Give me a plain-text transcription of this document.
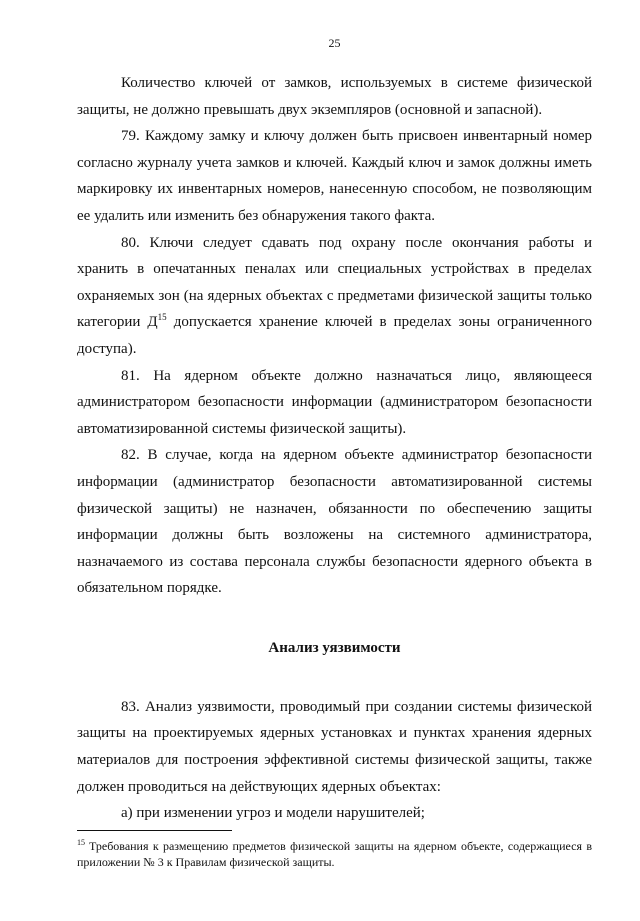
25

Количество ключей от замков, используемых в системе физической защиты, не должно превышать двух экземпляров (основной и запасной).

79. Каждому замку и ключу должен быть присвоен инвентарный номер согласно журналу учета замков и ключей. Каждый ключ и замок должны иметь маркировку их инвентарных номеров, нанесенную способом, не позволяющим ее удалить или изменить без обнаружения такого факта.

80. Ключи следует сдавать под охрану после окончания работы и хранить в опечатанных пеналах или специальных устройствах в пределах охраняемых зон (на ядерных объектах с предметами физической защиты только категории Д$^{15}$ допускается хранение ключей в пределах зоны ограниченного доступа).

81. На ядерном объекте должно назначаться лицо, являющееся администратором безопасности информации (администратором безопасности автоматизированной системы физической защиты).

82. В случае, когда на ядерном объекте администратор безопасности информации (администратор безопасности автоматизированной системы физической защиты) не назначен, обязанности по обеспечению защиты информации должны быть возложены на системного администратора, назначаемого из состава персонала службы безопасности ядерного объекта в обязательном порядке.

Анализ уязвимости

83. Анализ уязвимости, проводимый при создании системы физической защиты на проектируемых ядерных установках и пунктах хранения ядерных материалов для построения эффективной системы физической защиты, также должен проводиться на действующих ядерных объектах:

а) при изменении угроз и модели нарушителей;

$^{15}$ Требования к размещению предметов физической защиты на ядерном объекте, содержащиеся в приложении № 3 к Правилам физической защиты.
